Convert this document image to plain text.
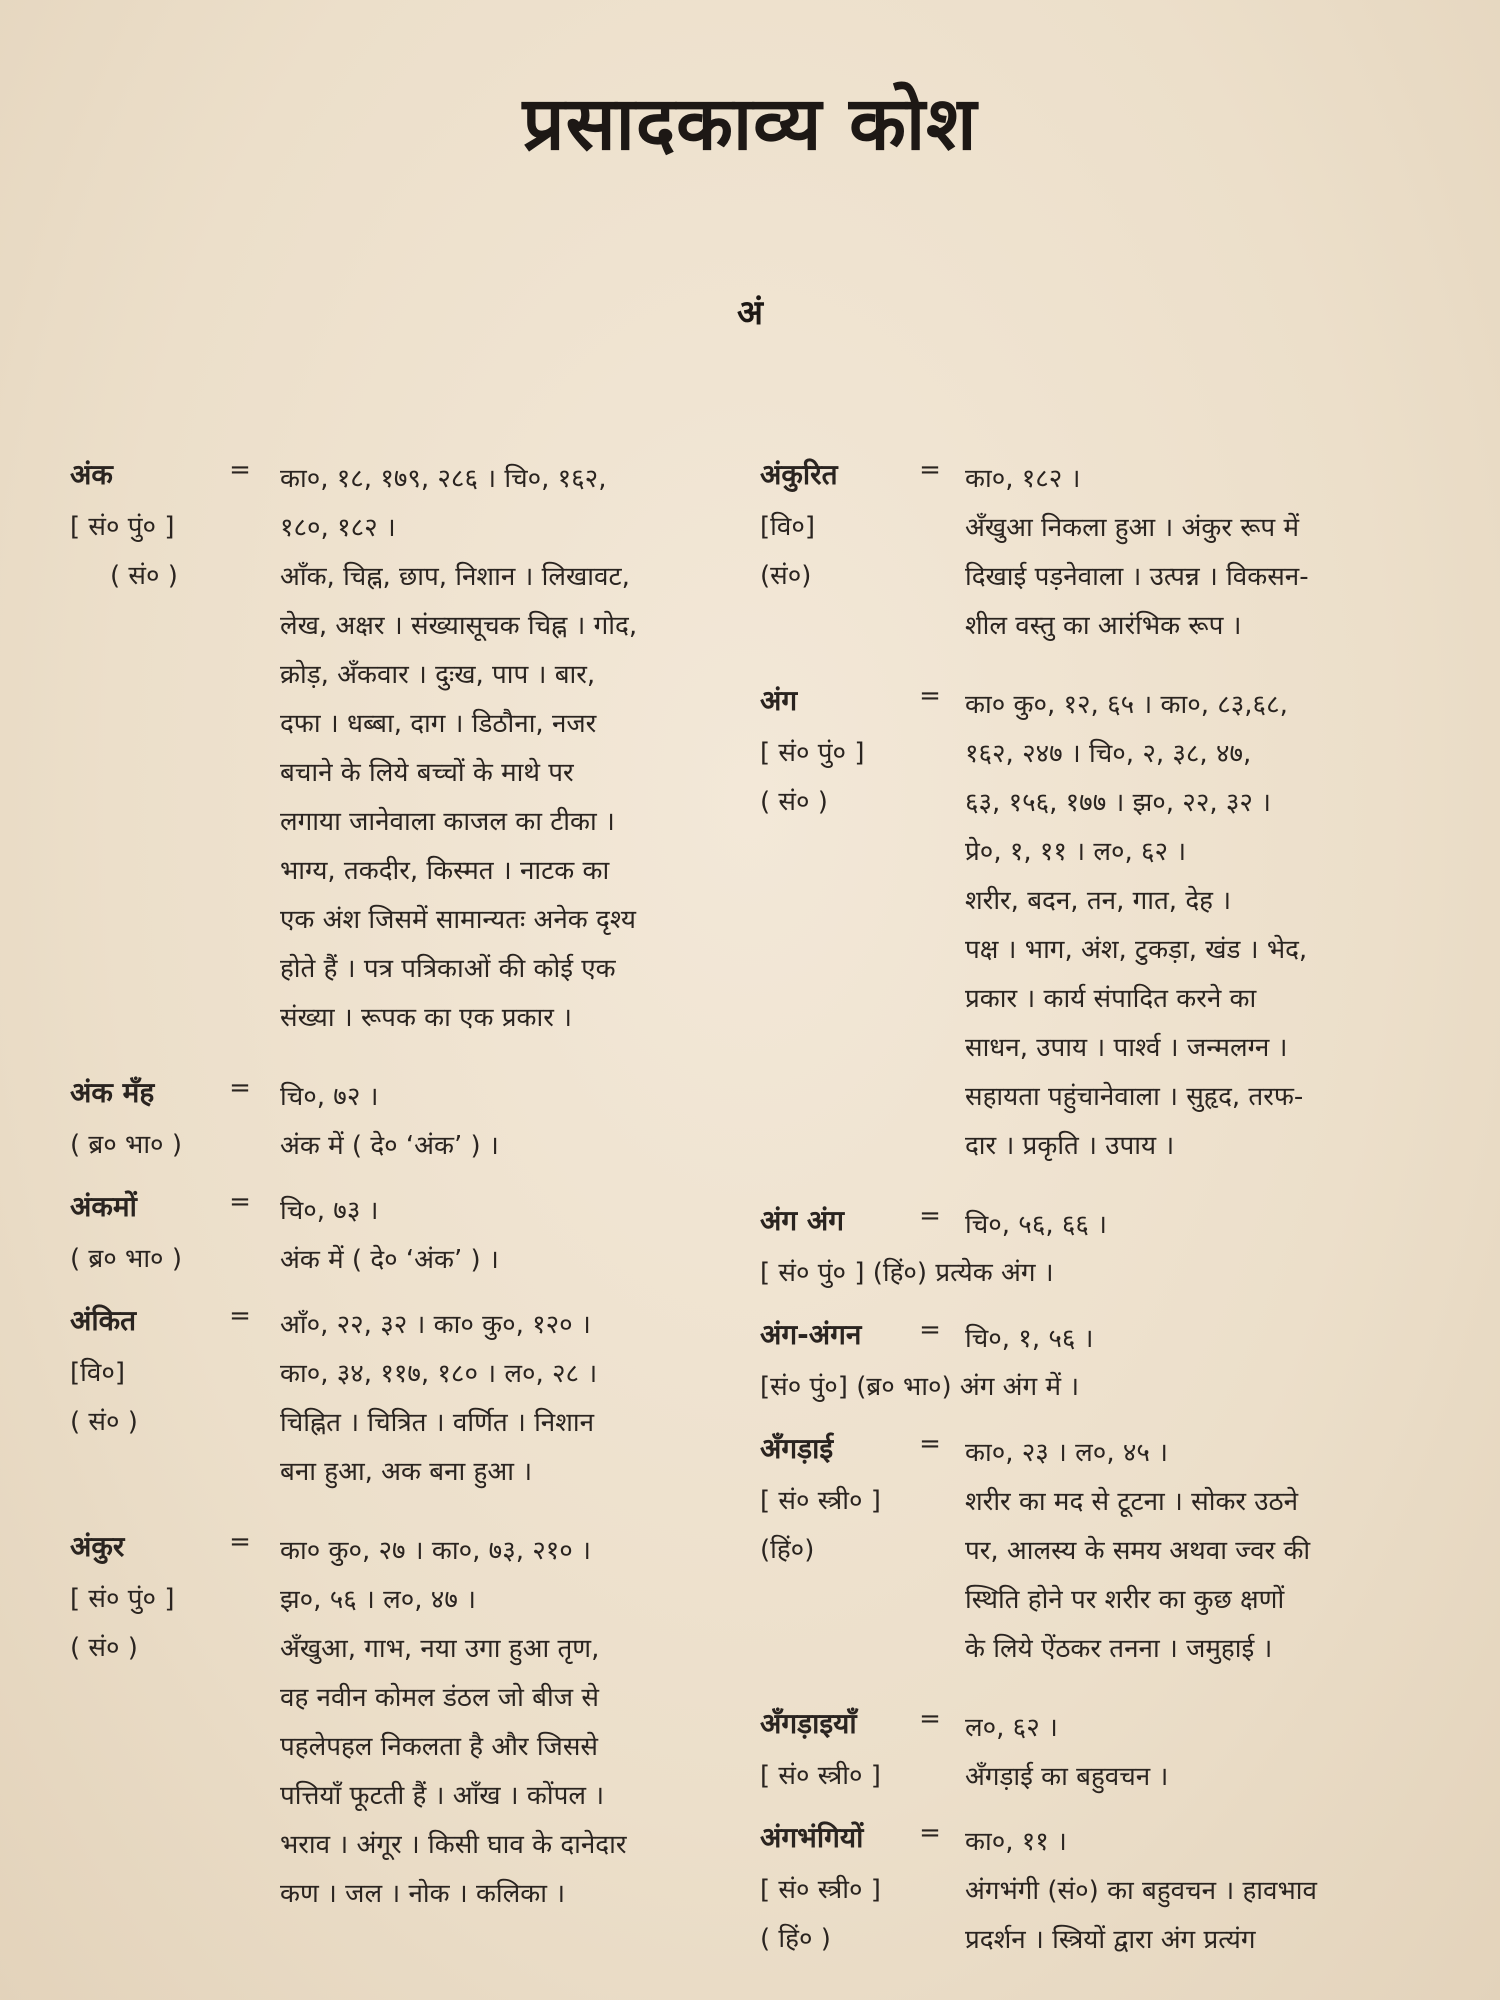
प्रसादकाव्य कोश
अं
अंक	=
[ सं० पुं० ]
( सं० )
का०, १८, १७९, २८६ । चि०, १६२,
१८०, १८२ ।
आँक, चिह्न, छाप, निशान । लिखावट,
लेख, अक्षर । संख्यासूचक चिह्न । गोद,
क्रोड़, अँकवार । दुःख, पाप । बार,
दफा । धब्बा, दाग । डिठौना, नजर
बचाने के लिये बच्चों के माथे पर
लगाया जानेवाला काजल का टीका ।
भाग्य, तकदीर, किस्मत । नाटक का
एक अंश जिसमें सामान्यतः अनेक दृश्य
होते हैं । पत्र पत्रिकाओं की कोई एक
संख्या । रूपक का एक प्रकार ।
अंक मँह	=
( ब्र० भा० )
चि०, ७२ ।
अंक में ( दे० ‘अंक’ ) ।
अंकमों	=
( ब्र० भा० )
चि०, ७३ ।
अंक में ( दे० ‘अंक’ ) ।
अंकित	=
[वि०]
( सं० )
आँ०, २२, ३२ । का० कु०, १२० ।
का०, ३४, ११७, १८० । ल०, २८ ।
चिह्नित । चित्रित । वर्णित । निशान
बना हुआ, अक बना हुआ ।
अंकुर	=
[ सं० पुं० ]
( सं० )
का० कु०, २७ । का०, ७३, २१० ।
झ०, ५६ । ल०, ४७ ।
अँखुआ, गाभ, नया उगा हुआ तृण,
वह नवीन कोमल डंठल जो बीज से
पहलेपहल निकलता है और जिससे
पत्तियाँ फूटती हैं । आँख । कोंपल ।
भराव । अंगूर । किसी घाव के दानेदार
कण । जल । नोक । कलिका ।
अंकुरित	=
[वि०]
(सं०)
का०, १८२ ।
अँखुआ निकला हुआ । अंकुर रूप में
दिखाई पड़नेवाला । उत्पन्न । विकसन-
शील वस्तु का आरंभिक रूप ।
अंग	=
[ सं० पुं० ]
( सं० )
का० कु०, १२, ६५ । का०, ८३,६८,
१६२, २४७ । चि०, २, ३८, ४७,
६३, १५६, १७७ । झ०, २२, ३२ ।
प्रे०, १, ११ । ल०, ६२ ।
शरीर, बदन, तन, गात, देह ।
पक्ष । भाग, अंश, टुकड़ा, खंड । भेद,
प्रकार । कार्य संपादित करने का
साधन, उपाय । पार्श्व । जन्मलग्न ।
सहायता पहुंचानेवाला । सुहृद, तरफ-
दार । प्रकृति । उपाय ।
अंग अंग	=
[ सं० पुं० ] (हिं०) प्रत्येक अंग ।
चि०, ५६, ६६ ।
अंग-अंगन	=
[सं० पुं०] (ब्र० भा०) अंग अंग में ।
चि०, १, ५६ ।
अँगड़ाई	=
[ सं० स्त्री० ]
(हिं०)
का०, २३ । ल०, ४५ ।
शरीर का मद से टूटना । सोकर उठने
पर, आलस्य के समय अथवा ज्वर की
स्थिति होने पर शरीर का कुछ क्षणों
के लिये ऐंठकर तनना । जमुहाई ।
अँगड़ाइयाँ	=
[ सं० स्त्री० ]
ल०, ६२ ।
अँगड़ाई का बहुवचन ।
अंगभंगियों	=
[ सं० स्त्री० ]
( हिं० )
का०, ११ ।
अंगभंगी (सं०) का बहुवचन । हावभाव
प्रदर्शन । स्त्रियों द्वारा अंग प्रत्यंग
